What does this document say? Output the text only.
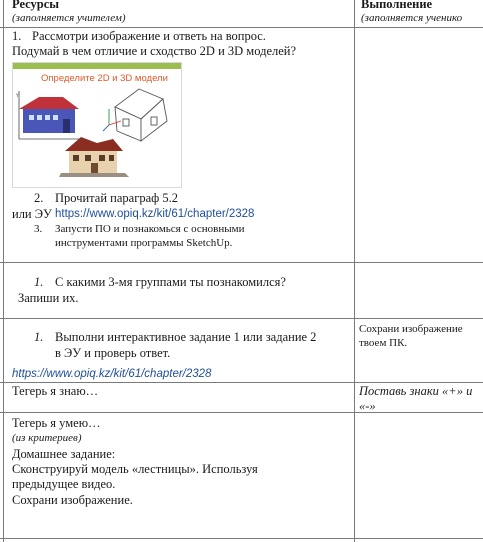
Ресурсы
(заполняется учителем)
Выполнение
(заполняется ученико
1. Рассмотри изображение и ответь на вопрос.
Подумай в чем отличие и сходство 2D и 3D моделей?
Определите 2D и 3D модели
Y
2. Прочитай параграф 5.2
или ЭУ https://www.opiq.kz/kit/61/chapter/2328
3. Запусти ПО и познакомься с основными
инструментами программы SketchUp.
1. С какими 3-мя группами ты познакомился?
Запиши их.
1. Выполни интерактивное задание 1 или задание 2
в ЭУ и проверь ответ.
https://www.opiq.kz/kit/61/chapter/2328
Сохрани изображение
твоем ПК.
Тегерь я знаю…	Поставь знаки «+» и
«-»
Тегерь я умею…
(из критериев)
Домашнее задание:
Сконструируй модель «лестницы». Используя
предыдущее видео.
Сохрани изображение.
